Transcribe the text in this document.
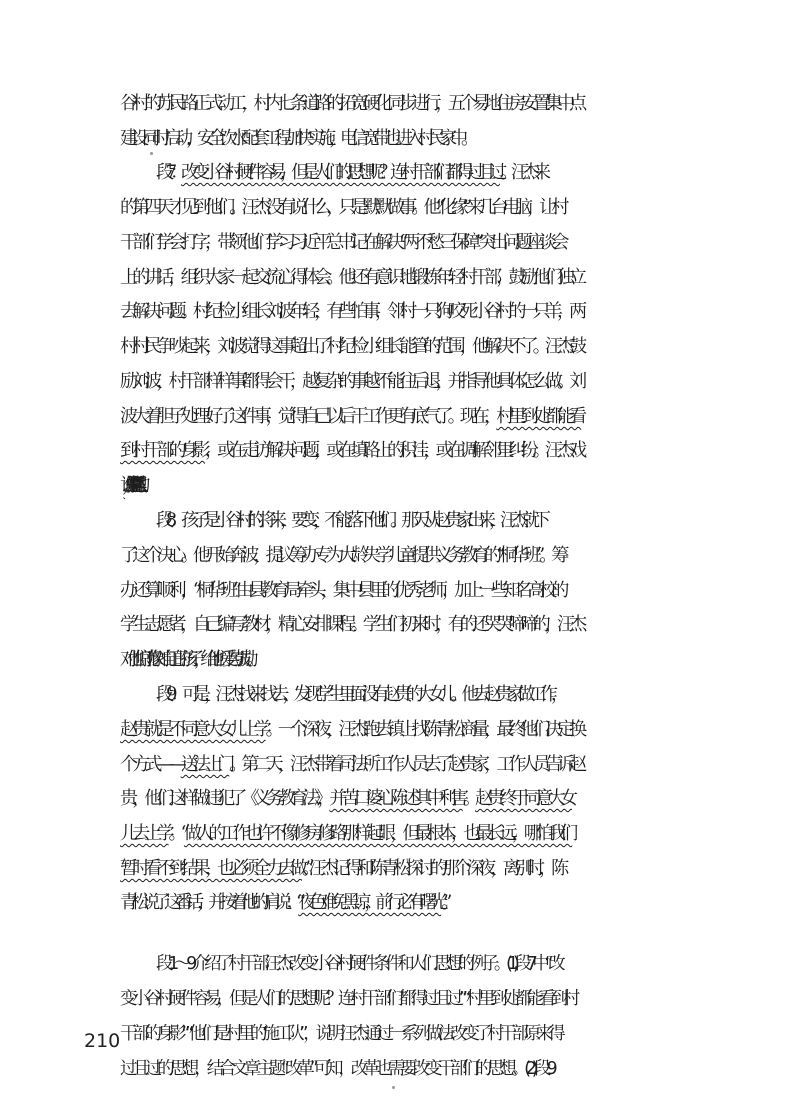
谷村的苏民路正式动工，村内七条道路的拓宽硬化同步进行，五个易地住房安置集中点
建设同时启动，安全饮水配套工程加快实施，电信宽带也进入村民家中。
段 7：改变小谷村硬件容易，但是人们的思想呢？连村干部们都得过且过。汪杰来
的第四天才见到他们。汪杰没有说什么，只是默默做事。他“化缘”来几台电脑，让村
干部们学会打字，带领他们学习习近平总书记在解决“两不愁三保障”突出问题座谈会
上的讲话，组织大家一起交流心得体会。他还有意识地锻炼年轻村干部，鼓励他们独立
去解决问题。村纪检小组长刘波年轻，有些怕事，邻村一只狗咬死小谷村的一只羊，两
村村民争吵起来，刘波觉得这事超出了村纪检小组长能管的范围，他解决不了。汪杰鼓
励刘波，村干部样样事都得会干，越复杂的事越不能往后退，并指导他具体怎么做。刘
波大着胆子处理好了这件事，觉得自己以后干工作更有底气了。现在，村里到处都能看
到村干部的身影，或在走访解决问题，或在填路上的积洼，或在调解邻里纠纷。汪杰戏
说，他们是村里的“施工队”。
段 8：孩子是小谷村的将来，要变，不能落下他们。那天从赵贵家出来，汪杰就下
了这个决心。他开始奔波，提议筹办专为大龄失学儿童提供义务教育的“桐华班”。筹
办还算顺利，“桐华班”由县教育局牵头，集中县里的优秀老师，加上一些知名高校的
学生志愿者，自己编写教材，精心安排课程。学生们初来时，有的还哭哭啼啼的，汪杰
对他们就像对自己的孩子，给他们爱与鼓励。
段 9：可是，汪杰找来找去，发现学生里面没有赵贵的大女儿。他去赵贵家做工作，
赵贵就是不同意大女儿上学。一个深夜，汪杰跑去镇上找陈青松商量，最终他们决定换
个方式——送法上门。第二天，汪杰带着司法所工作人员去了赵贵家，工作人员告诉赵
贵，他们这样做违犯了《义务教育法》，并苦口婆心陈述其中利害。赵贵终于同意大女
儿去上学。“做人的工作也许不像修房修路那样起眼，但最根本，也最长远，哪怕我们
暂时看不到结果，也必须全力去做。”汪杰记得和陈青松探讨的那个深夜，离别时，陈
青松说了这番话，并按着他的肩说：“夜色难免黑凉，前行必有曙光。”
段 1 ～ 9 介绍了村干部汪杰改变小谷村硬件条件和人们思想的例子。(1) 段 7 中“改
变小谷村硬件容易，但是人们的思想呢？连村干部们都得过且过”“村里到处都能看到村
干部的身影”“他们是村里的‘施工队’”，说明汪杰通过一系列做法改变了村干部原来得
过且过的思想，结合文章主题“改革”可知，改革也需要改变干部们的思想。(2) 段 9
210
